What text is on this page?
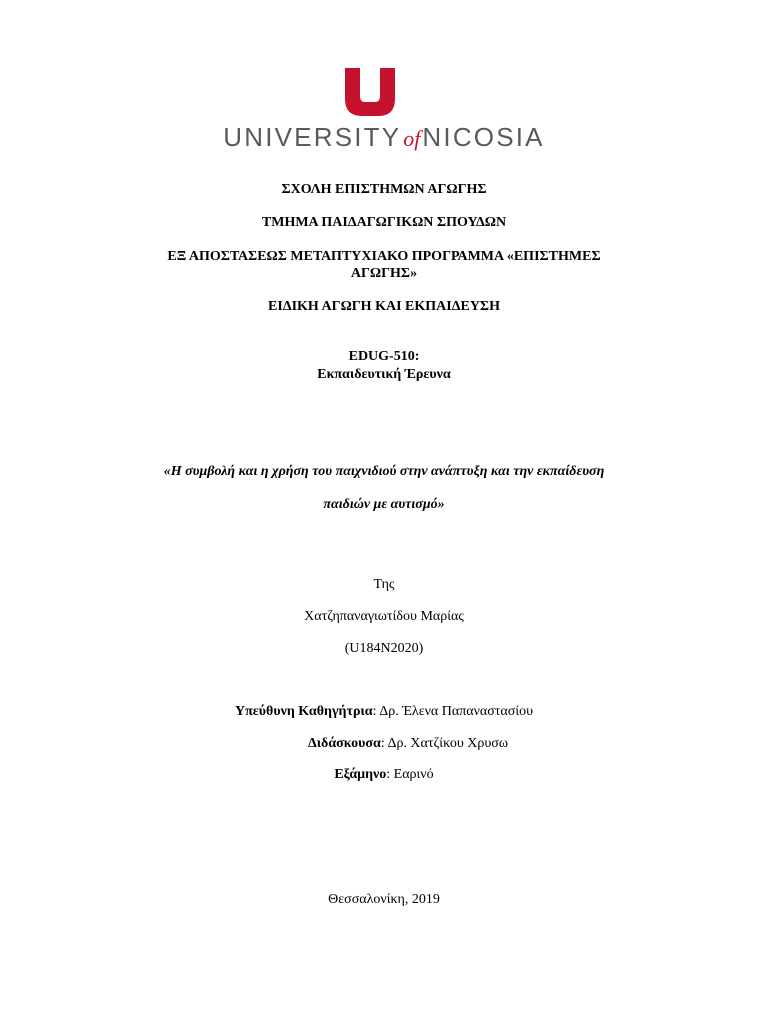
UNIVERSITYofNICOSIA
ΣΧΟΛΗ ΕΠΙΣΤΗΜΩΝ ΑΓΩΓΗΣ
ΤΜΗΜΑ ΠΑΙΔΑΓΩΓΙΚΩΝ ΣΠΟΥΔΩΝ
ΕΞ ΑΠΟΣΤΑΣΕΩΣ ΜΕΤΑΠΤΥΧΙΑΚΟ ΠΡΟΓΡΑΜΜΑ «ΕΠΙΣΤΗΜΕΣ
ΑΓΩΓΗΣ»
ΕΙΔΙΚΗ ΑΓΩΓΗ ΚΑΙ ΕΚΠΑΙΔΕΥΣΗ
EDUG-510:
Εκπαιδευτική Έρευνα
«Η συμβολή και η χρήση του παιχνιδιού στην ανάπτυξη και την εκπαίδευση
παιδιών με αυτισμό»
Της
Χατζηπαναγιωτίδου Μαρίας
(U184N2020)
Υπεύθυνη Καθηγήτρια: Δρ. Έλενα Παπαναστασίου
Διδάσκουσα: Δρ. Χατζίκου Χρυσω
Εξάμηνο: Εαρινό
Θεσσαλονίκη, 2019
